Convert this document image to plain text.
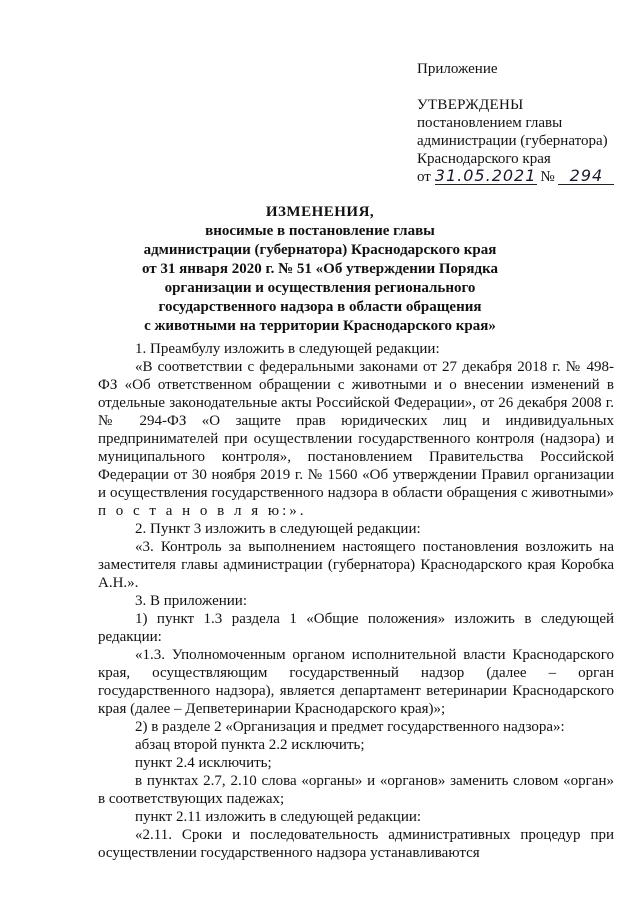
Приложение
УТВЕРЖДЕНЫ
постановлением главы
администрации (губернатора)
Краснодарского края
от 31.05.2021 № 294
ИЗМЕНЕНИЯ,
вносимые в постановление главы
администрации (губернатора) Краснодарского края
от 31 января 2020 г. № 51 «Об утверждении Порядка
организации и осуществления регионального
государственного надзора в области обращения
с животными на территории Краснодарского края»

1. Преамбулу изложить в следующей редакции:

«В соответствии с федеральными законами от 27 декабря 2018 г. № 498-ФЗ «Об ответственном обращении с животными и о внесении изменений в отдельные законодательные акты Российской Федерации», от 26 декабря 2008 г. № 294-ФЗ «О защите прав юридических лиц и индивидуальных предпринимателей при осуществлении государственного контроля (надзора) и муниципального контроля», постановлением Правительства Российской Федерации от 30 ноября 2019 г. № 1560 «Об утверждении Правил организации и осуществления государственного надзора в области обращения с животными» п о с т а н о в л я ю:».

2. Пункт 3 изложить в следующей редакции:

«3. Контроль за выполнением настоящего постановления возложить на заместителя главы администрации (губернатора) Краснодарского края Коробка А.Н.».

3. В приложении:

1) пункт 1.3 раздела 1 «Общие положения» изложить в следующей редакции:

«1.3. Уполномоченным органом исполнительной власти Краснодарского края, осуществляющим государственный надзор (далее – орган государственного надзора), является департамент ветеринарии Краснодарского края (далее – Депветеринарии Краснодарского края)»;

2) в разделе 2 «Организация и предмет государственного надзора»:

абзац второй пункта 2.2 исключить;

пункт 2.4 исключить;

в пунктах 2.7, 2.10 слова «органы» и «органов» заменить словом «орган» в соответствующих падежах;

пункт 2.11 изложить в следующей редакции:

«2.11. Сроки и последовательность административных процедур при осуществлении государственного надзора устанавливаются
